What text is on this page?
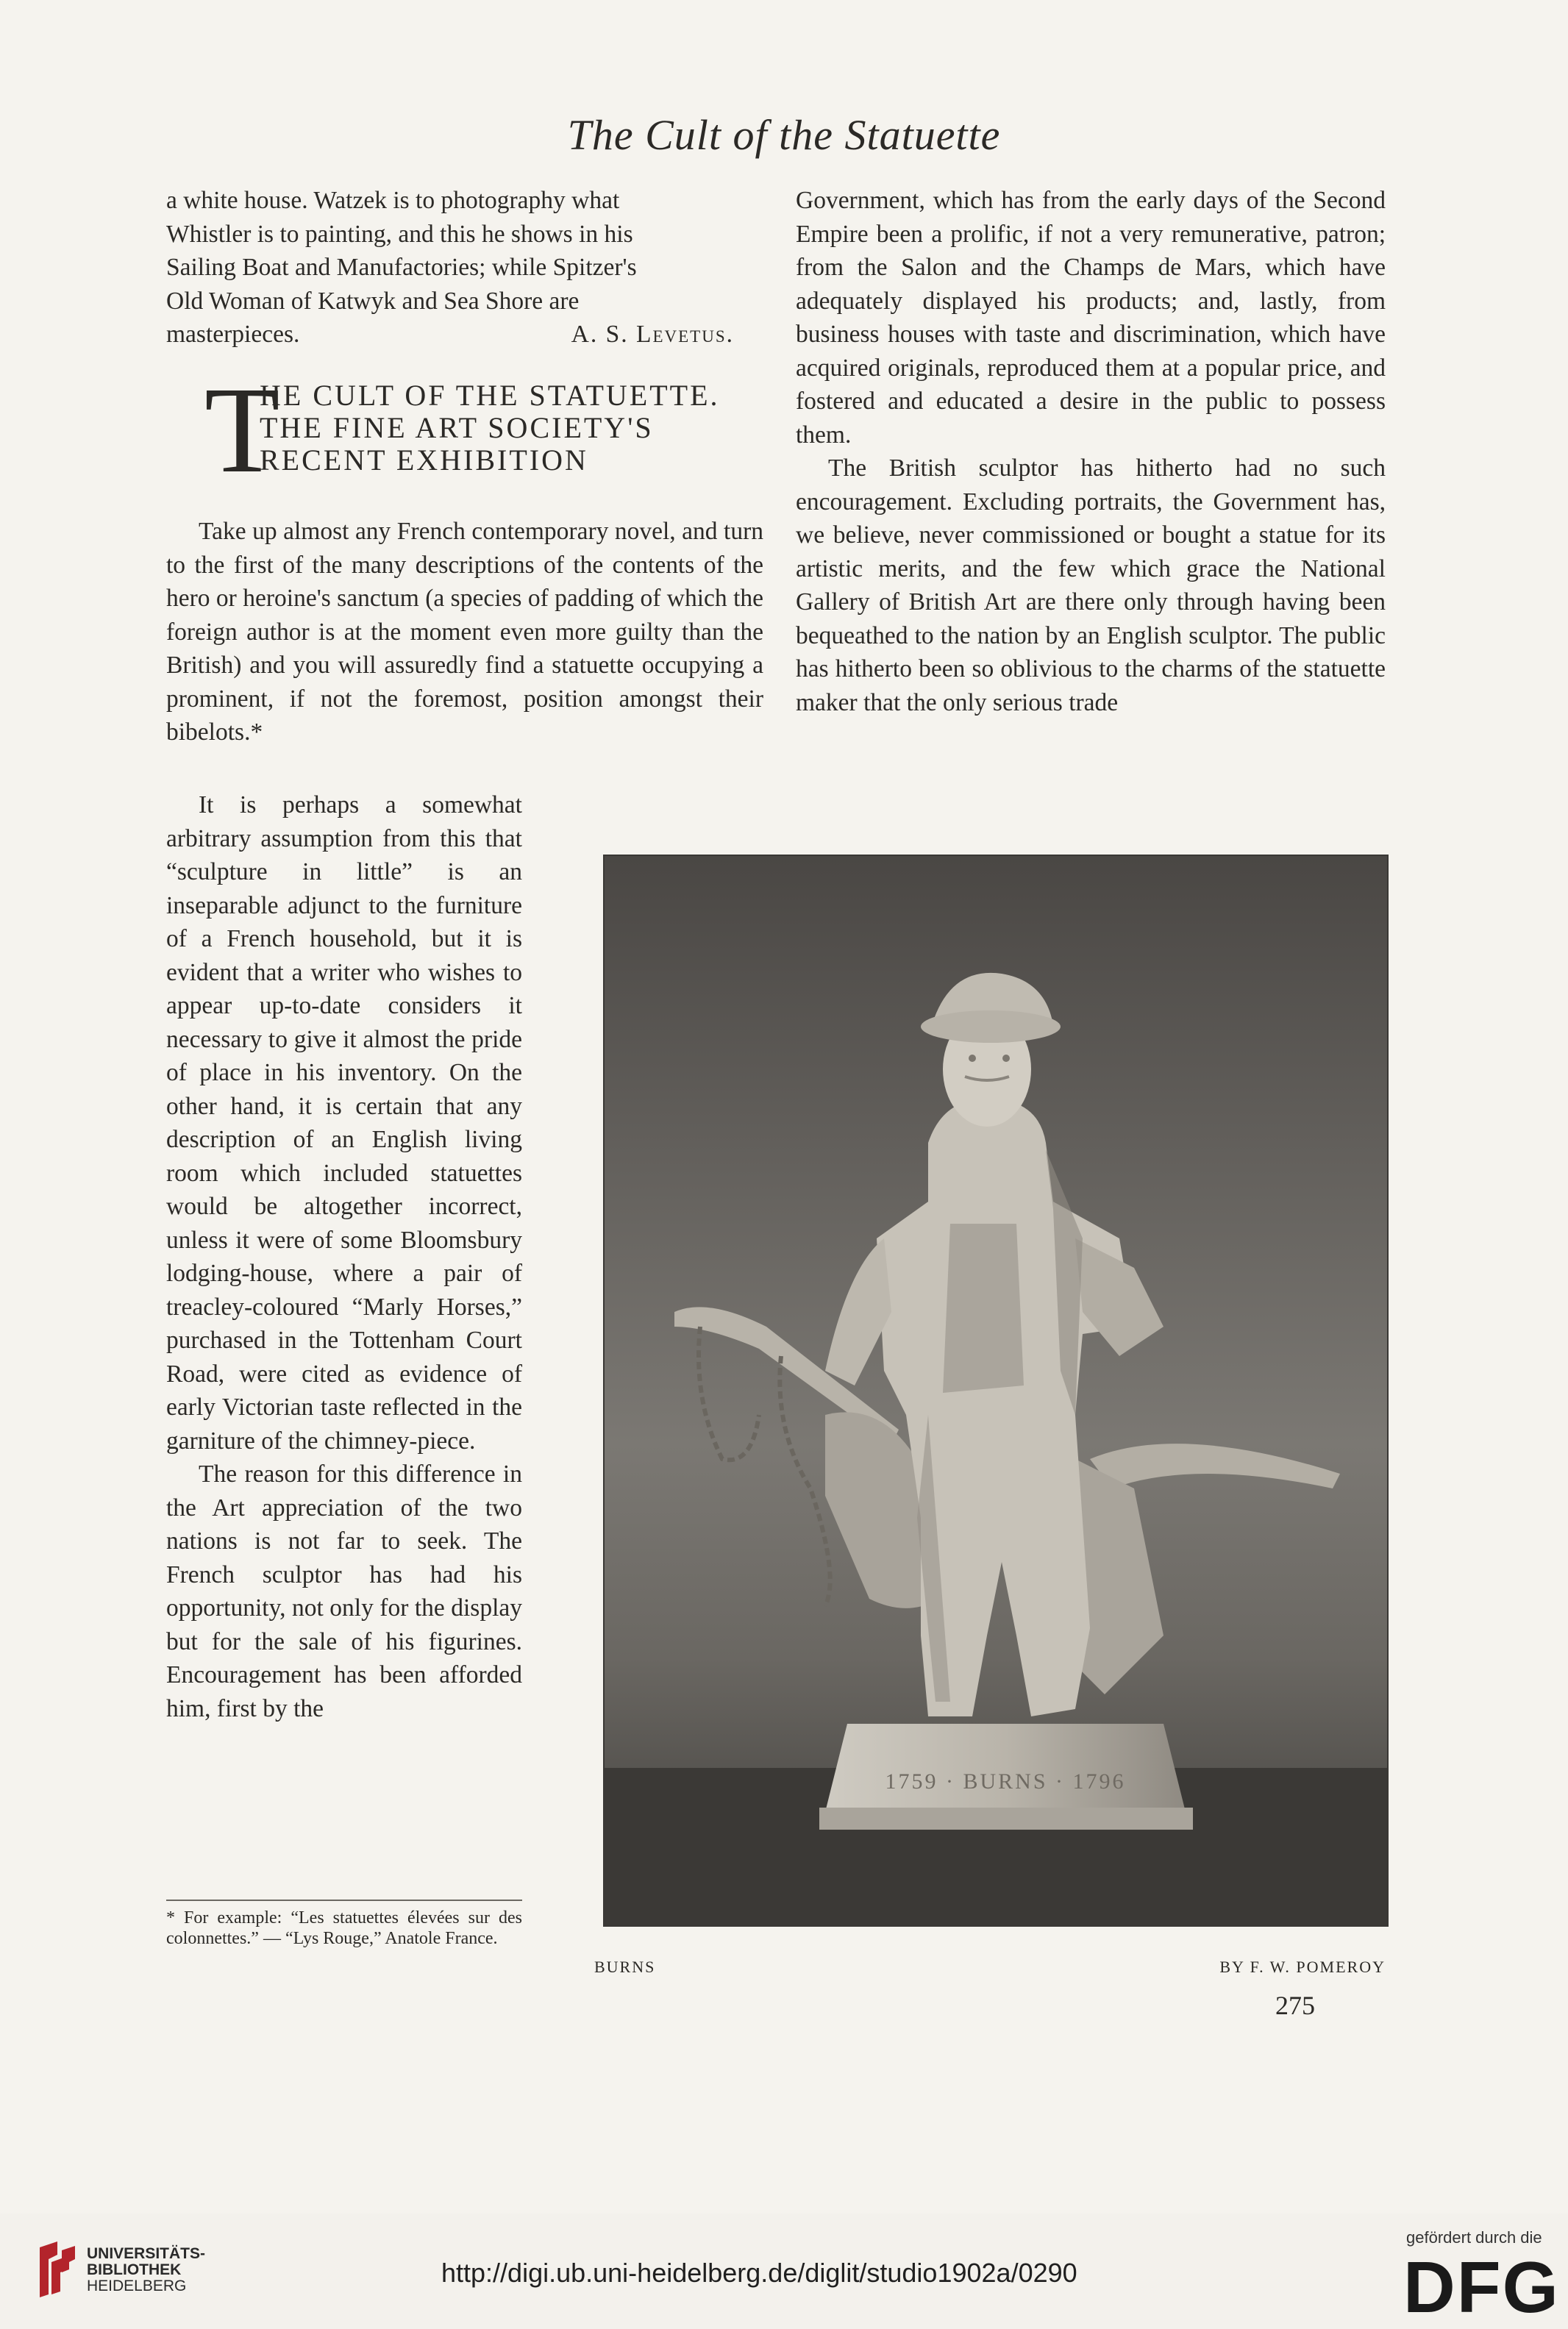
The Cult of the Statuette

a white house. Watzek is to photography what

Whistler is to painting, and this he shows in his

Sailing Boat and Manufactories; while Spitzer's

Old Woman of Katwyk and Sea Shore are

masterpieces.	A. S. Levetus.
T
HE CULT OF THE STATUETTE.
THE FINE ART SOCIETY'S
RECENT EXHIBITION

Take up almost any French contemporary novel, and turn to the first of the many descriptions of the contents of the hero or heroine's sanctum (a species of padding of which the foreign author is at the moment even more guilty than the British) and you will assuredly find a statuette occupying a prominent, if not the foremost, position amongst their bibelots.*

It is perhaps a somewhat arbitrary assumption from this that “sculpture in little” is an inseparable adjunct to the furniture of a French household, but it is evident that a writer who wishes to appear up-to-date considers it necessary to give it almost the pride of place in his inventory. On the other hand, it is certain that any description of an English living room which included statuettes would be altogether incorrect, unless it were of some Bloomsbury lodging-house, where a pair of treacley-coloured “Marly Horses,” purchased in the Tottenham Court Road, were cited as evidence of early Victorian taste reflected in the garniture of the chimney-piece.

The reason for this difference in the Art appreciation of the two nations is not far to seek. The French sculptor has had his opportunity, not only for the display but for the sale of his figurines. Encouragement has been afforded him, first by the

Government, which has from the early days of the Second Empire been a prolific, if not a very remunerative, patron; from the Salon and the Champs de Mars, which have adequately displayed his products; and, lastly, from business houses with taste and discrimination, which have acquired originals, reproduced them at a popular price, and fostered and educated a desire in the public to possess them.

The British sculptor has hitherto had no such encouragement. Excluding portraits, the Government has, we believe, never commissioned or bought a statue for its artistic merits, and the few which grace the National Gallery of British Art are there only through having been bequeathed to the nation by an English sculptor. The public has hitherto been so oblivious to the charms of the statuette maker that the only serious trade

1759 · BURNS · 1796
BURNS	BY F. W. POMEROY
* For example: “Les statuettes élevées sur des colonnettes.” — “Lys Rouge,” Anatole France.
275
UNIVERSITÄTS-
BIBLIOTHEK
HEIDELBERG	http://digi.ub.uni-heidelberg.de/diglit/studio1902a/0290
gefördert durch die
DFG
